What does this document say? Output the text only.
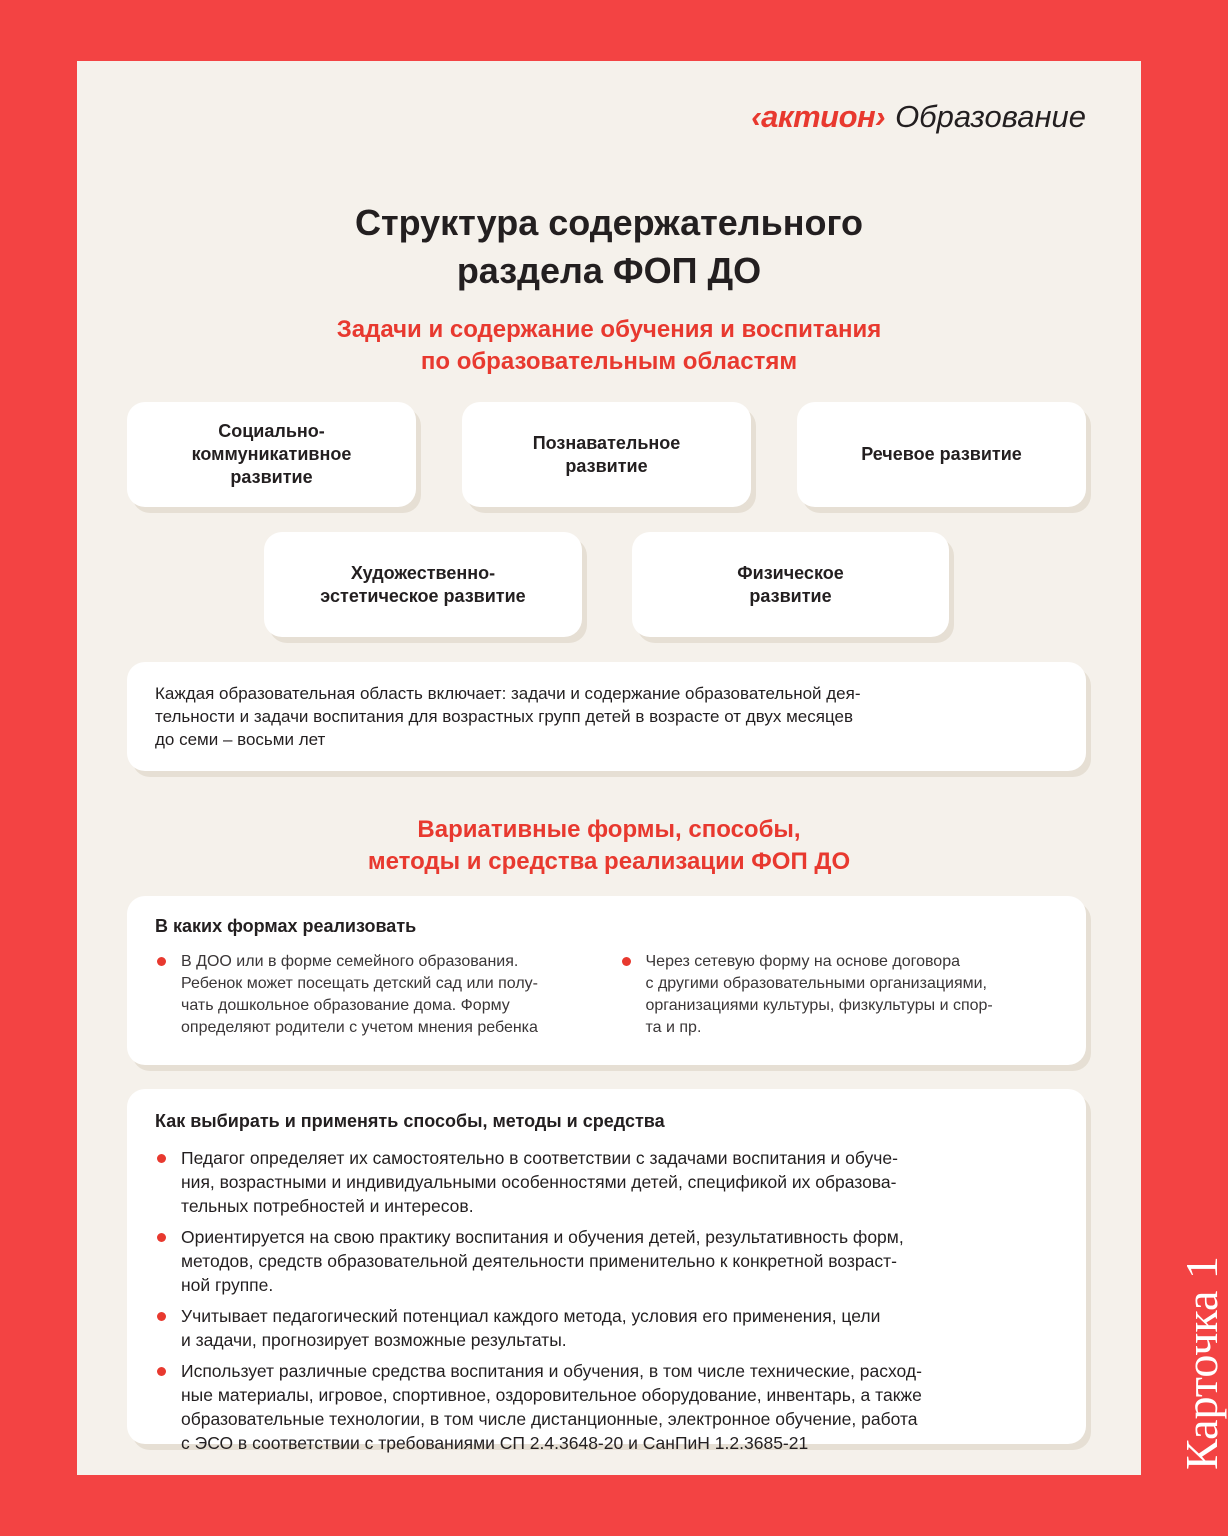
‹актион› Образование
Структура содержательного
раздела ФОП ДО
Задачи и содержание обучения и воспитания
по образовательным областям
Социально-
коммуникативное
развитие
Познавательное
развитие
Речевое развитие
Художественно-
эстетическое развитие
Физическое
развитие
Каждая образовательная область включает: задачи и содержание образовательной дея-
тельности и задачи воспитания для возрастных групп детей в возрасте от двух месяцев
до семи – восьми лет
Вариативные формы, способы,
методы и средства реализации ФОП ДО
В каких формах реализовать
В ДОО или в форме семейного образования.
Ребенок может посещать детский сад или полу-
чать дошкольное образование дома. Форму
определяют родители с учетом мнения ребенка
Через сетевую форму на основе договора
с другими образовательными организациями,
организациями культуры, физкультуры и спор-
та и пр.
Как выбирать и применять способы, методы и средства
Педагог определяет их самостоятельно в соответствии с задачами воспитания и обуче-
ния, возрастными и индивидуальными особенностями детей, спецификой их образова-
тельных потребностей и интересов.
Ориентируется на свою практику воспитания и обучения детей, результативность форм,
методов, средств образовательной деятельности применительно к конкретной возраст-
ной группе.
Учитывает педагогический потенциал каждого метода, условия его применения, цели
и задачи, прогнозирует возможные результаты.
Использует различные средства воспитания и обучения, в том числе технические, расход-
ные материалы, игровое, спортивное, оздоровительное оборудование, инвентарь, а также
образовательные технологии, в том числе дистанционные, электронное обучение, работа
с ЭСО в соответствии с требованиями СП 2.4.3648-20 и СанПиН 1.2.3685-21	Карточка 1
